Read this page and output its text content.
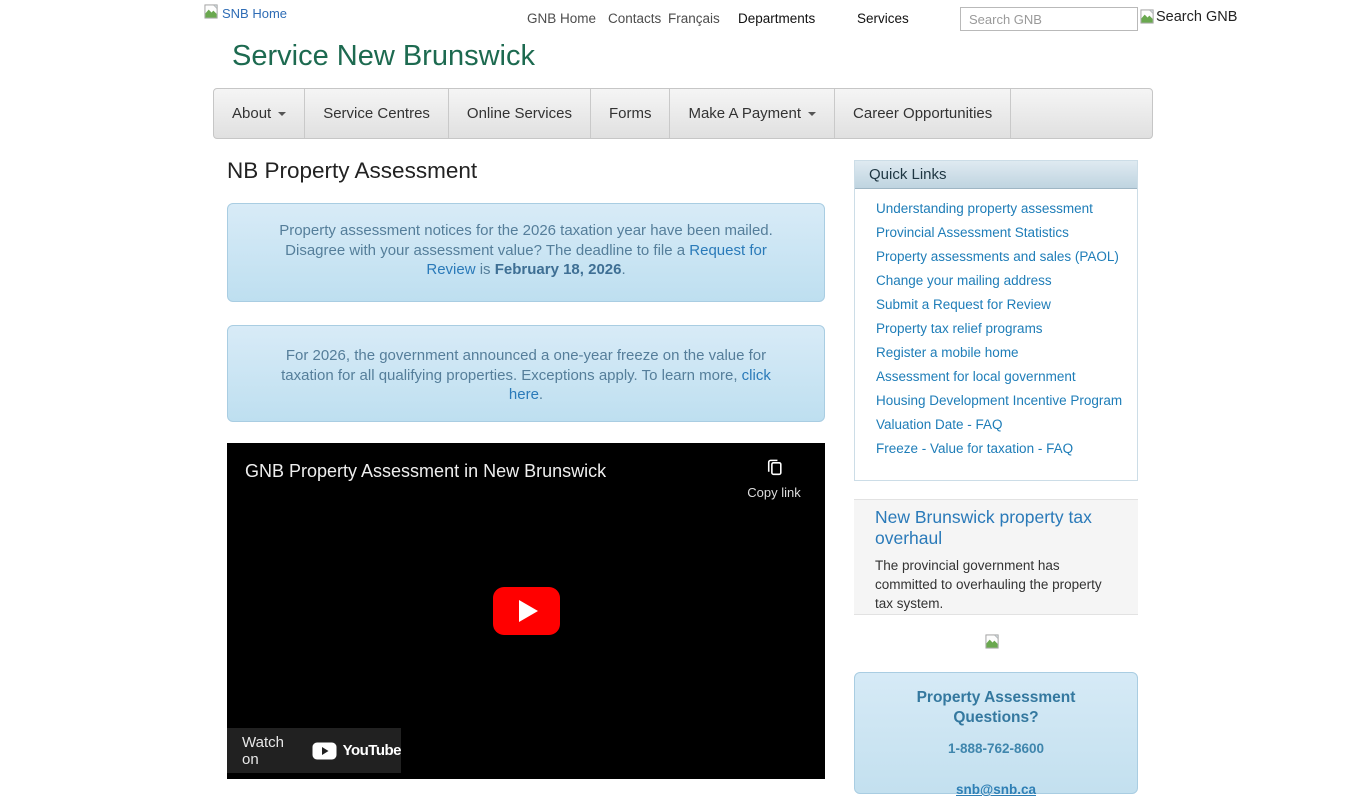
SNB Home	GNB Home Contacts Français Departments	Services
Search GNB	Search GNB
Service New Brunswick
About	Service Centres Online Services Forms Make A Payment	Career Opportunities
NB Property Assessment
Property assessment notices for the 2026 taxation year have been mailed. Disagree with your assessment value? The deadline to file a Request for Review is February 18, 2026.
For 2026, the government announced a one-year freeze on the value for taxation for all qualifying properties. Exceptions apply. To learn more, click here.
GNB Property Assessment in New Brunswick
Copy link
Watch on	YouTube
Quick Links
Understanding property assessment
Provincial Assessment Statistics
Property assessments and sales (PAOL)
Change your mailing address
Submit a Request for Review
Property tax relief programs
Register a mobile home
Assessment for local government
Housing Development Incentive Program
Valuation Date - FAQ
Freeze - Value for taxation - FAQ
New Brunswick property tax overhaul
The provincial government has committed to overhauling the property tax system.
Property Assessment Questions?
1-888-762-8600

snb@snb.ca
